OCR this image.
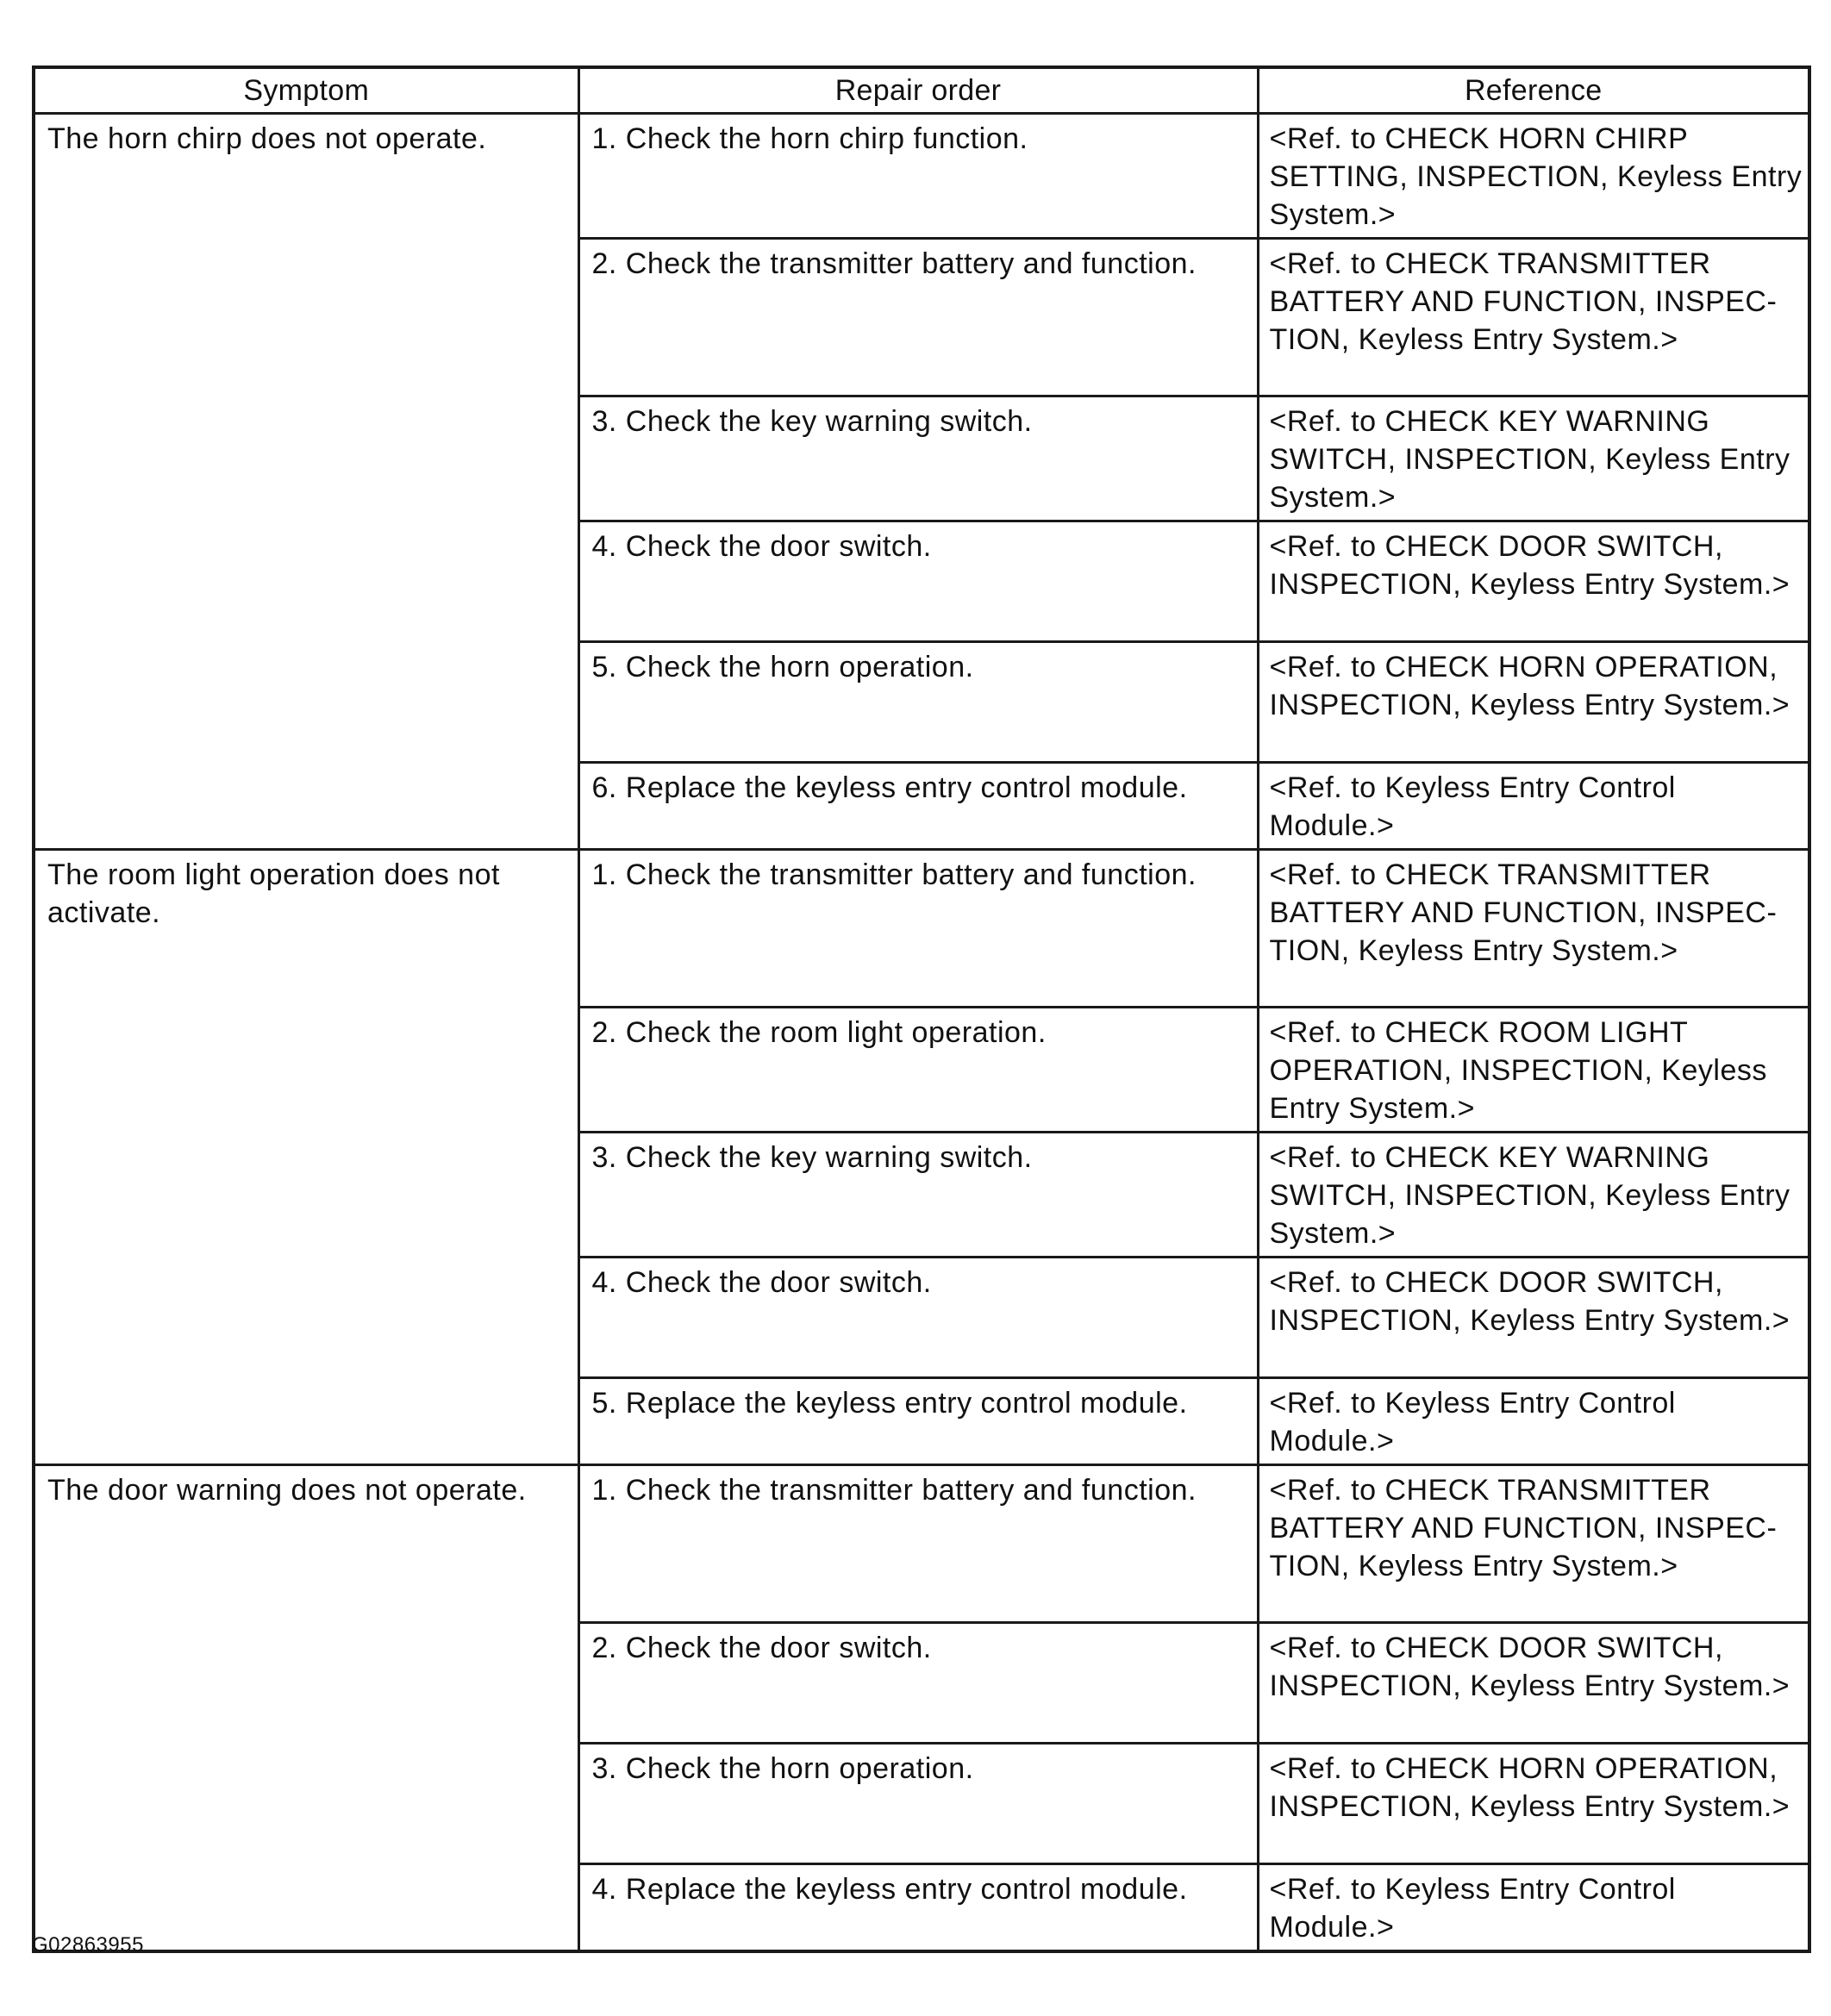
Symptom	Repair order	Reference
The horn chirp does not operate.	1. Check the horn chirp function.	<Ref. to CHECK HORN CHIRP SETTING, INSPECTION, Keyless Entry System.>
	2. Check the transmitter battery and function.	<Ref. to CHECK TRANSMITTER BATTERY AND FUNCTION, INSPEC- TION, Keyless Entry System.>
	3. Check the key warning switch.	<Ref. to CHECK KEY WARNING SWITCH, INSPECTION, Keyless Entry System.>
	4. Check the door switch.	<Ref. to CHECK DOOR SWITCH, INSPECTION, Keyless Entry System.>
	5. Check the horn operation.	<Ref. to CHECK HORN OPERATION, INSPECTION, Keyless Entry System.>
	6. Replace the keyless entry control module.	<Ref. to Keyless Entry Control Module.>
The room light operation does not activate.	1. Check the transmitter battery and function.	<Ref. to CHECK TRANSMITTER BATTERY AND FUNCTION, INSPEC- TION, Keyless Entry System.>
	2. Check the room light operation.	<Ref. to CHECK ROOM LIGHT OPERATION, INSPECTION, Keyless Entry System.>
	3. Check the key warning switch.	<Ref. to CHECK KEY WARNING SWITCH, INSPECTION, Keyless Entry System.>
	4. Check the door switch.	<Ref. to CHECK DOOR SWITCH, INSPECTION, Keyless Entry System.>
	5. Replace the keyless entry control module.	<Ref. to Keyless Entry Control Module.>
The door warning does not operate.	1. Check the transmitter battery and function.	<Ref. to CHECK TRANSMITTER BATTERY AND FUNCTION, INSPEC- TION, Keyless Entry System.>
	2. Check the door switch.	<Ref. to CHECK DOOR SWITCH, INSPECTION, Keyless Entry System.>
	3. Check the horn operation.	<Ref. to CHECK HORN OPERATION, INSPECTION, Keyless Entry System.>
	4. Replace the keyless entry control module.	<Ref. to Keyless Entry Control Module.>
G02863955
